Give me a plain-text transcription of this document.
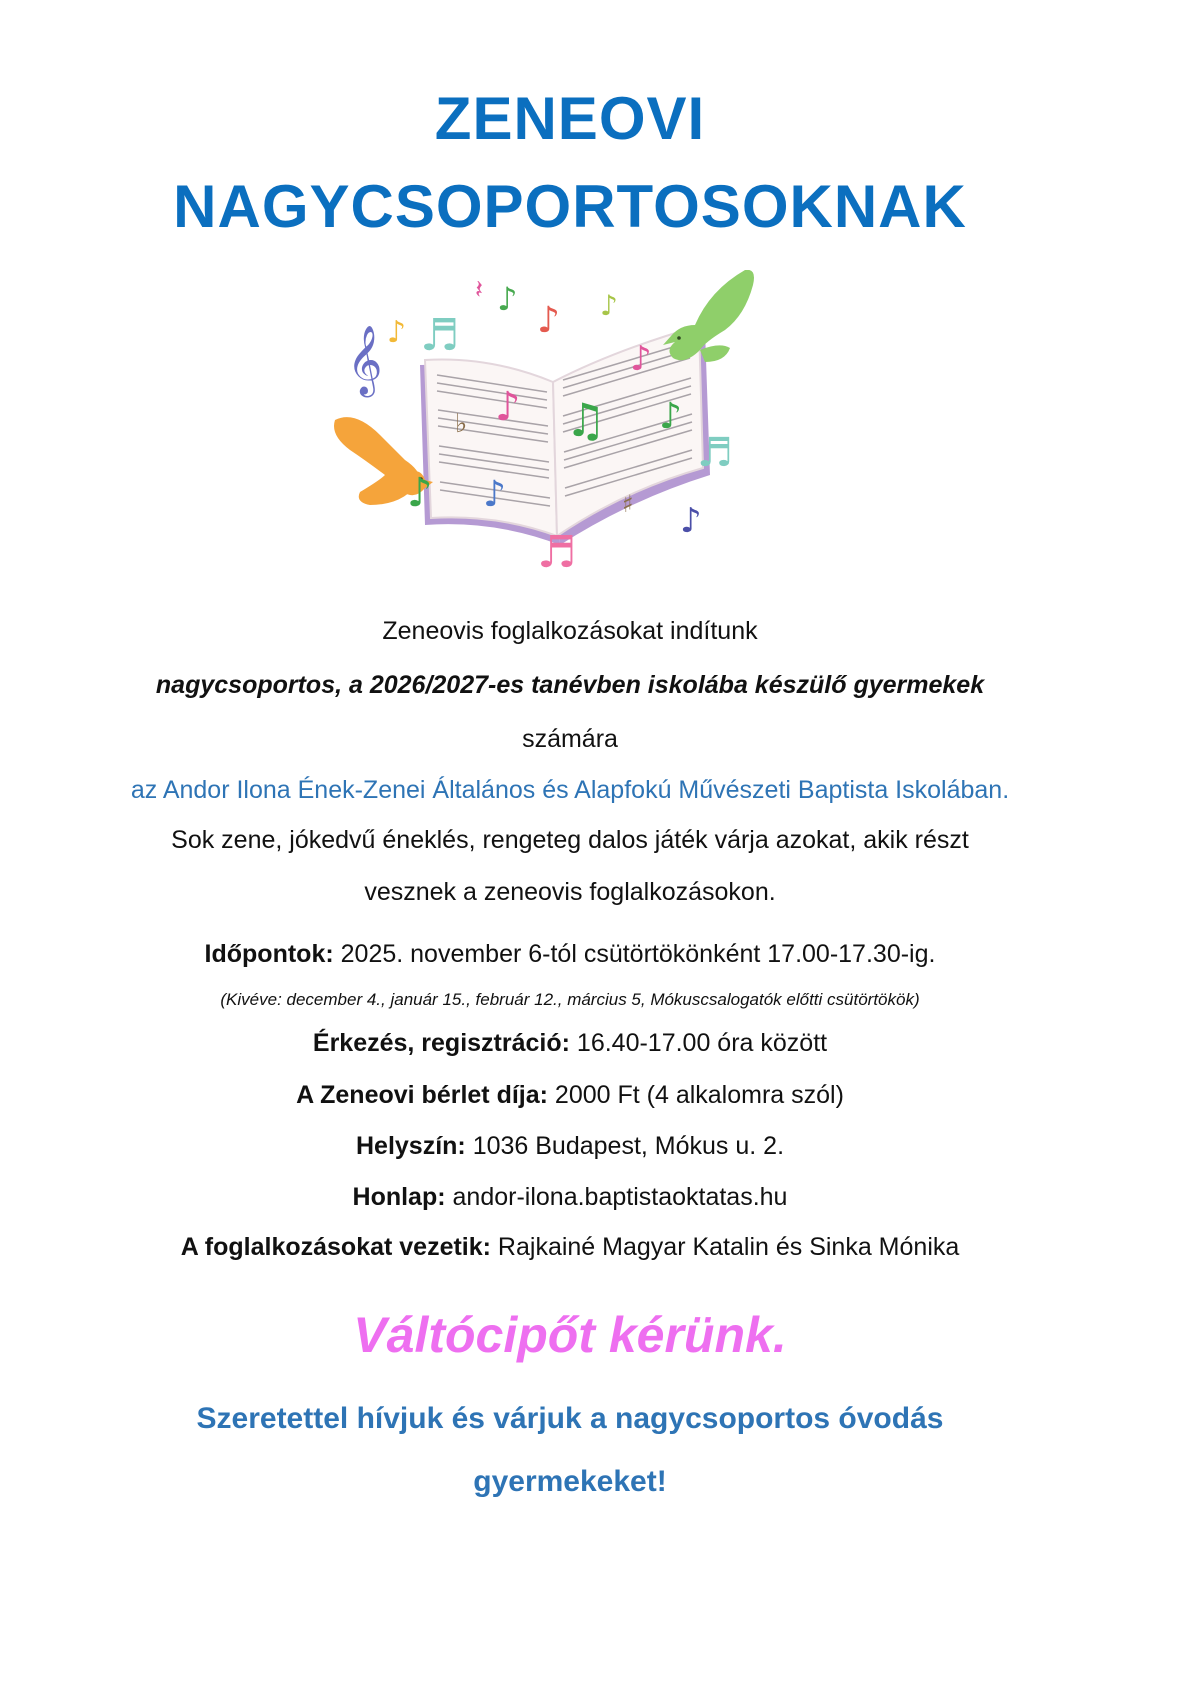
ZENEOVI
NAGYCSOPORTOSOKNAK
♭ ♪
♪
♫
𝄞 ♪ ♬
𝄽 ♪
♪ ♪
♪
♪
♬
♪
♯
♬
♪

Zeneovis foglalkozásokat indítunk

nagycsoportos, a 2026/2027-es tanévben iskolába készülő gyermekek

számára

az Andor Ilona Ének-Zenei Általános és Alapfokú Művészeti Baptista Iskolában.

Sok zene, jókedvű éneklés, rengeteg dalos játék várja azokat, akik részt

vesznek a zeneovis foglalkozásokon.

Időpontok: 2025. november 6-tól csütörtökönként 17.00-17.30-ig.

(Kivéve: december 4., január 15., február 12., március 5, Mókuscsalogatók előtti csütörtökök)

Érkezés, regisztráció: 16.40-17.00 óra között

A Zeneovi bérlet díja: 2000 Ft (4 alkalomra szól)

Helyszín: 1036 Budapest, Mókus u. 2.

Honlap: andor-ilona.baptistaoktatas.hu

A foglalkozásokat vezetik: Rajkainé Magyar Katalin és Sinka Mónika

Váltócipőt kérünk.

Szeretettel hívjuk és várjuk a nagycsoportos óvodás

gyermekeket!
